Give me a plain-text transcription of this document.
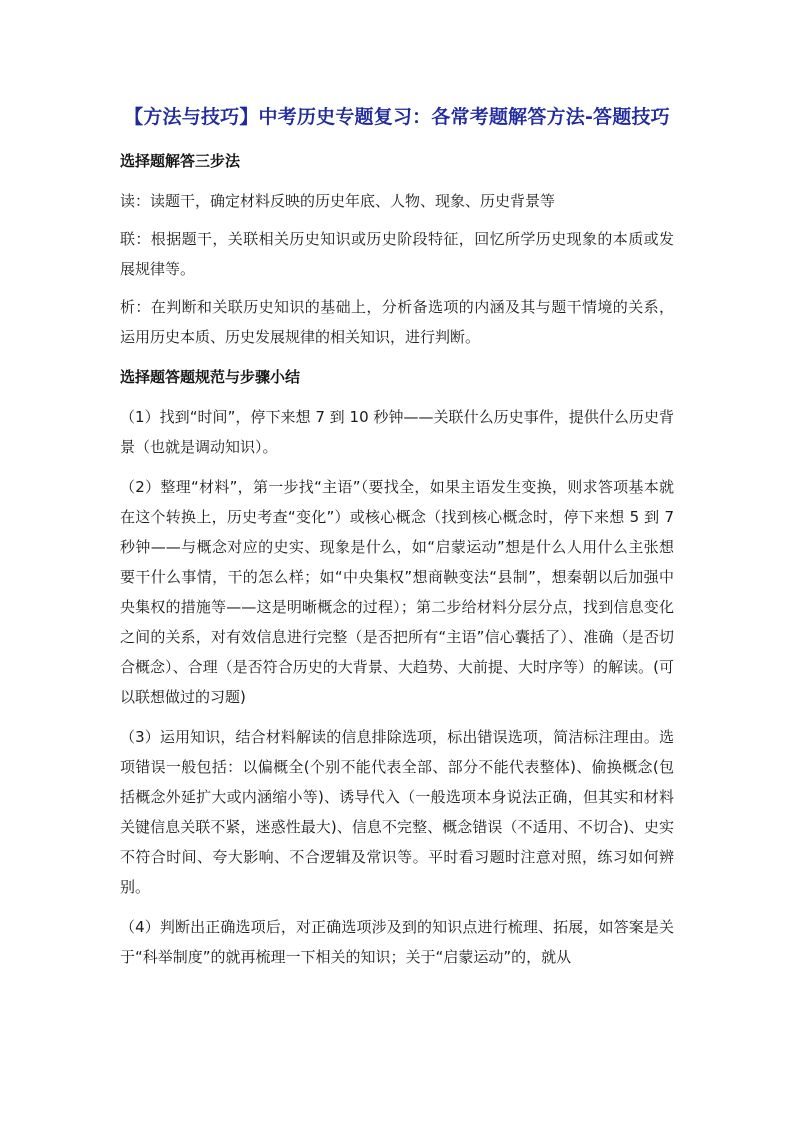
【方法与技巧】中考历史专题复习：各常考题解答方法-答题技巧
选择题解答三步法

读：读题干，确定材料反映的历史年底、人物、现象、历史背景等

联：根据题干，关联相关历史知识或历史阶段特征，回忆所学历史现象的本质或发展规律等。

析：在判断和关联历史知识的基础上，分析备选项的内涵及其与题干情境的关系，运用历史本质、历史发展规律的相关知识，进行判断。

选择题答题规范与步骤小结

（1）找到“时间”，停下来想 7 到 10 秒钟——关联什么历史事件，提供什么历史背景（也就是调动知识）。

（2）整理“材料”，第一步找“主语”（要找全，如果主语发生变换，则求答项基本就在这个转换上，历史考查“变化”）或核心概念（找到核心概念时，停下来想 5 到 7 秒钟——与概念对应的史实、现象是什么，如“启蒙运动”想是什么人用什么主张想要干什么事情，干的怎么样；如“中央集权”想商鞅变法“县制”，想秦朝以后加强中央集权的措施等——这是明晰概念的过程）；第二步给材料分层分点，找到信息变化之间的关系，对有效信息进行完整（是否把所有“主语”信心囊括了）、准确（是否切合概念）、合理（是否符合历史的大背景、大趋势、大前提、大时序等）的解读。(可以联想做过的习题)

（3）运用知识，结合材料解读的信息排除选项，标出错误选项，简洁标注理由。选项错误一般包括：以偏概全(个别不能代表全部、部分不能代表整体)、偷换概念(包括概念外延扩大或内涵缩小等)、诱导代入（一般选项本身说法正确，但其实和材料关键信息关联不紧，迷惑性最大)、信息不完整、概念错误（不适用、不切合)、史实不符合时间、夸大影响、不合逻辑及常识等。平时看习题时注意对照，练习如何辨别。

（4）判断出正确选项后，对正确选项涉及到的知识点进行梳理、拓展，如答案是关于“科举制度”的就再梳理一下相关的知识；关于“启蒙运动”的，就从
